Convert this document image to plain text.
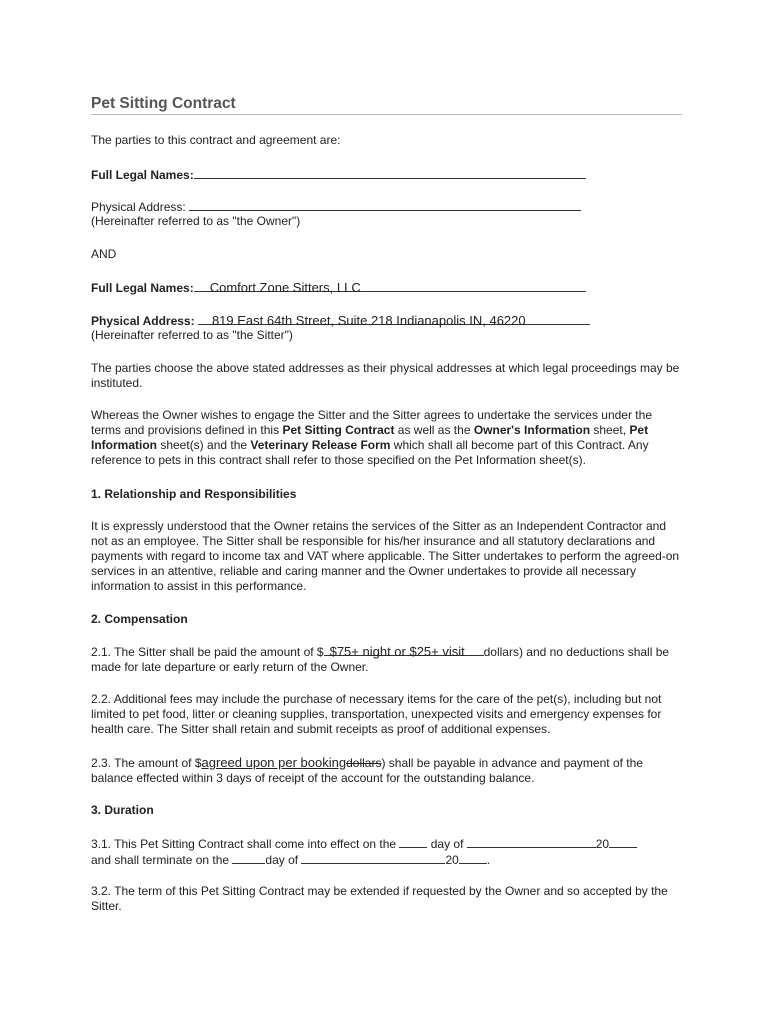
Pet Sitting Contract

The parties to this contract and agreement are:

Full Legal Names:

Physical Address:

(Hereinafter referred to as "the Owner")

AND

Full Legal Names: Comfort Zone Sitters, LLC

Physical Address: 819 East 64th Street, Suite 218 Indianapolis IN, 46220

(Hereinafter referred to as "the Sitter")

The parties choose the above stated addresses as their physical addresses at which legal proceedings may be instituted.

Whereas the Owner wishes to engage the Sitter and the Sitter agrees to undertake the services under the terms and provisions defined in this Pet Sitting Contract as well as the Owner's Information sheet, Pet Information sheet(s) and the Veterinary Release Form which shall all become part of this Contract. Any reference to pets in this contract shall refer to those specified on the Pet Information sheet(s).

1. Relationship and Responsibilities

It is expressly understood that the Owner retains the services of the Sitter as an Independent Contractor and not as an employee. The Sitter shall be responsible for his/her insurance and all statutory declarations and payments with regard to income tax and VAT where applicable. The Sitter undertakes to perform the agreed-on services in an attentive, reliable and caring manner and the Owner undertakes to provide all necessary information to assist in this performance.

2. Compensation

2.1. The Sitter shall be paid the amount of $ $75+ night or $25+ visit dollars) and no deductions shall be made for late departure or early return of the Owner.

2.2. Additional fees may include the purchase of necessary items for the care of the pet(s), including but not limited to pet food, litter or cleaning supplies, transportation, unexpected visits and emergency expenses for health care. The Sitter shall retain and submit receipts as proof of additional expenses.

2.3. The amount of $agreed upon per bookingdollars) shall be payable in advance and payment of the balance effected within 3 days of receipt of the account for the outstanding balance.

3. Duration

3.1. This Pet Sitting Contract shall come into effect on the
day of	20

and shall terminate on the	day of	20 .

3.2. The term of this Pet Sitting Contract may be extended if requested by the Owner and so accepted by the Sitter.
